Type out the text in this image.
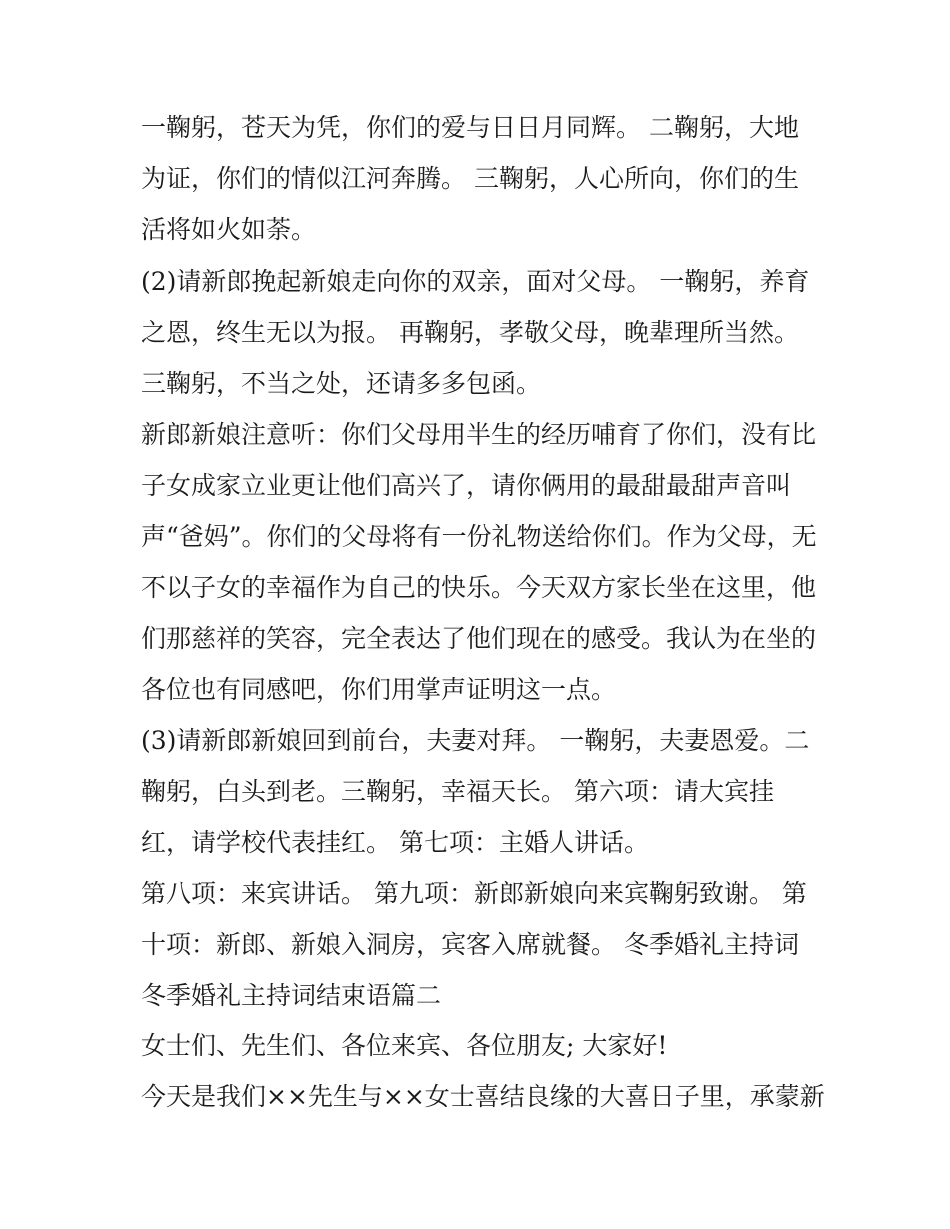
一鞠躬，苍天为凭，你们的爱与日日月同辉。 二鞠躬，大地
为证，你们的情似江河奔腾。 三鞠躬，人心所向，你们的生
活将如火如荼。
(2)请新郎挽起新娘走向你的双亲，面对父母。 一鞠躬，养育
之恩，终生无以为报。 再鞠躬，孝敬父母，晚辈理所当然。
三鞠躬，不当之处，还请多多包函。
新郎新娘注意听：你们父母用半生的经历哺育了你们，没有比
子女成家立业更让他们高兴了，请你俩用的最甜最甜声音叫
声“爸妈”。你们的父母将有一份礼物送给你们。作为父母，无
不以子女的幸福作为自己的快乐。今天双方家长坐在这里，他
们那慈祥的笑容，完全表达了他们现在的感受。我认为在坐的
各位也有同感吧，你们用掌声证明这一点。
(3)请新郎新娘回到前台，夫妻对拜。 一鞠躬，夫妻恩爱。二
鞠躬，白头到老。三鞠躬，幸福天长。 第六项：请大宾挂
红，请学校代表挂红。 第七项：主婚人讲话。
第八项：来宾讲话。 第九项：新郎新娘向来宾鞠躬致谢。 第
十项：新郎、新娘入洞房，宾客入席就餐。 冬季婚礼主持词
冬季婚礼主持词结束语篇二
女士们、先生们、各位来宾、各位朋友; 大家好!
今天是我们××先生与××女士喜结良缘的大喜日子里，承蒙新
